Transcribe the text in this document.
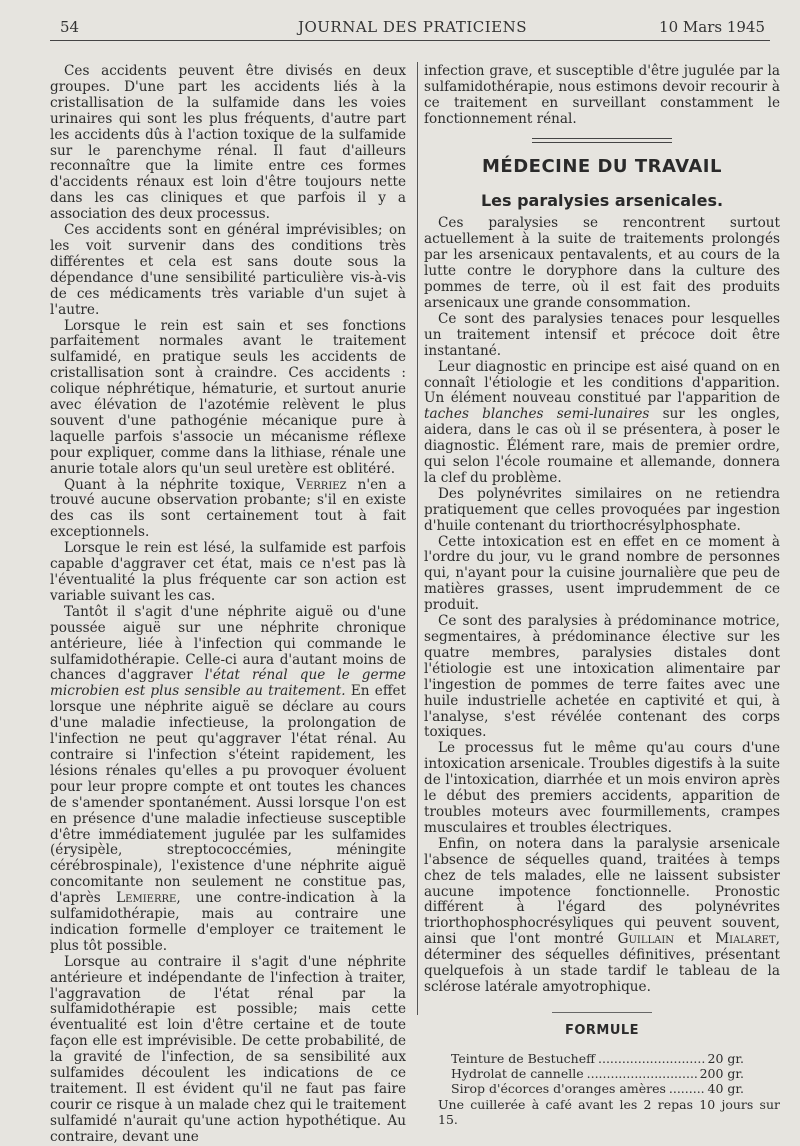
54	JOURNAL DES PRATICIENS	10 Mars 1945

Ces accidents peuvent être divisés en deux groupes. D'une part les accidents liés à la cristallisation de la sulfamide dans les voies urinaires qui sont les plus fréquents, d'autre part les accidents dûs à l'action toxique de la sulfamide sur le parenchyme rénal. Il faut d'ailleurs reconnaître que la limite entre ces formes d'accidents rénaux est loin d'être toujours nette dans les cas cliniques et que parfois il y a association des deux processus.

Ces accidents sont en général imprévisibles; on les voit survenir dans des conditions très différentes et cela est sans doute sous la dépendance d'une sensibilité particulière vis-à-vis de ces médicaments très variable d'un sujet à l'autre.

Lorsque le rein est sain et ses fonctions parfaitement normales avant le traitement sulfamidé, en pratique seuls les accidents de cristallisation sont à craindre. Ces accidents : colique néphrétique, hématurie, et surtout anurie avec élévation de l'azotémie relèvent le plus souvent d'une pathogénie mécanique pure à laquelle parfois s'associe un mécanisme réflexe pour expliquer, comme dans la lithiase, rénale une anurie totale alors qu'un seul uretère est oblitéré.

Quant à la néphrite toxique, Verriez n'en a trouvé aucune observation probante; s'il en existe des cas ils sont certainement tout à fait exceptionnels.

Lorsque le rein est lésé, la sulfamide est parfois capable d'aggraver cet état, mais ce n'est pas là l'éventualité la plus fréquente car son action est variable suivant les cas.

Tantôt il s'agit d'une néphrite aiguë ou d'une poussée aiguë sur une néphrite chronique antérieure, liée à l'infection qui commande le sulfamidothérapie. Celle-ci aura d'autant moins de chances d'aggraver l'état rénal que le germe microbien est plus sensible au traitement. En effet lorsque une néphrite aiguë se déclare au cours d'une maladie infectieuse, la prolongation de l'infection ne peut qu'aggraver l'état rénal. Au contraire si l'infection s'éteint rapidement, les lésions rénales qu'elles a pu provoquer évoluent pour leur propre compte et ont toutes les chances de s'amender spontanément. Aussi lorsque l'on est en présence d'une maladie infectieuse susceptible d'être immédiatement jugulée par les sulfamides (érysipèle, streptococcémies, méningite cérébrospinale), l'existence d'une néphrite aiguë concomitante non seulement ne constitue pas, d'après Lemierre, une contre-indication à la sulfamidothérapie, mais au contraire une indication formelle d'employer ce traitement le plus tôt possible.

Lorsque au contraire il s'agit d'une néphrite antérieure et indépendante de l'infection à traiter, l'aggravation de l'état rénal par la sulfamidothérapie est possible; mais cette éventualité est loin d'être certaine et de toute façon elle est imprévisible. De cette probabilité, de la gravité de l'infection, de sa sensibilité aux sulfamides découlent les indications de ce traitement. Il est évident qu'il ne faut pas faire courir ce risque à un malade chez qui le traitement sulfamidé n'aurait qu'une action hypothétique. Au contraire, devant une

infection grave, et susceptible d'être jugulée par la sulfamidothérapie, nous estimons devoir recourir à ce traitement en surveillant constamment le fonctionnement rénal.

MÉDECINE DU TRAVAIL
Les paralysies arsenicales.

Ces paralysies se rencontrent surtout actuellement à la suite de traitements prolongés par les arsenicaux pentavalents, et au cours de la lutte contre le doryphore dans la culture des pommes de terre, où il est fait des produits arsenicaux une grande consommation.

Ce sont des paralysies tenaces pour lesquelles un traitement intensif et précoce doit être instantané.

Leur diagnostic en principe est aisé quand on en connaît l'étiologie et les conditions d'apparition. Un élément nouveau constitué par l'apparition de taches blanches semi-lunaires sur les ongles, aidera, dans le cas où il se présentera, à poser le diagnostic. Élément rare, mais de premier ordre, qui selon l'école roumaine et allemande, donnera la clef du problème.

Des polynévrites similaires on ne retiendra pratiquement que celles provoquées par ingestion d'huile contenant du triorthocrésylphosphate.

Cette intoxication est en effet en ce moment à l'ordre du jour, vu le grand nombre de personnes qui, n'ayant pour la cuisine journalière que peu de matières grasses, usent imprudemment de ce produit.

Ce sont des paralysies à prédominance motrice, segmentaires, à prédominance élective sur les quatre membres, paralysies distales dont l'étiologie est une intoxication alimentaire par l'ingestion de pommes de terre faites avec une huile industrielle achetée en captivité et qui, à l'analyse, s'est révélée contenant des corps toxiques.

Le processus fut le même qu'au cours d'une intoxication arsenicale. Troubles digestifs à la suite de l'intoxication, diarrhée et un mois environ après le début des premiers accidents, apparition de troubles moteurs avec fourmillements, crampes musculaires et troubles électriques.

Enfin, on notera dans la paralysie arsenicale l'absence de séquelles quand, traitées à temps chez de tels malades, elle ne laissent subsister aucune impotence fonctionnelle. Pronostic différent à l'égard des polynévrites triorthophosphocrésyliques qui peuvent souvent, ainsi que l'ont montré Guillain et Mialaret, déterminer des séquelles définitives, présentant quelquefois à un stade tardif le tableau de la sclérose latérale amyotrophique.

FORMULE
Teinture de Bestucheff .....	20 gr.
Hydrolat de cannelle .....	200 gr.
Sirop d'écorces d'oranges amères .....	40 gr.
Une cuillerée à café avant les 2 repas 10 jours sur 15.
